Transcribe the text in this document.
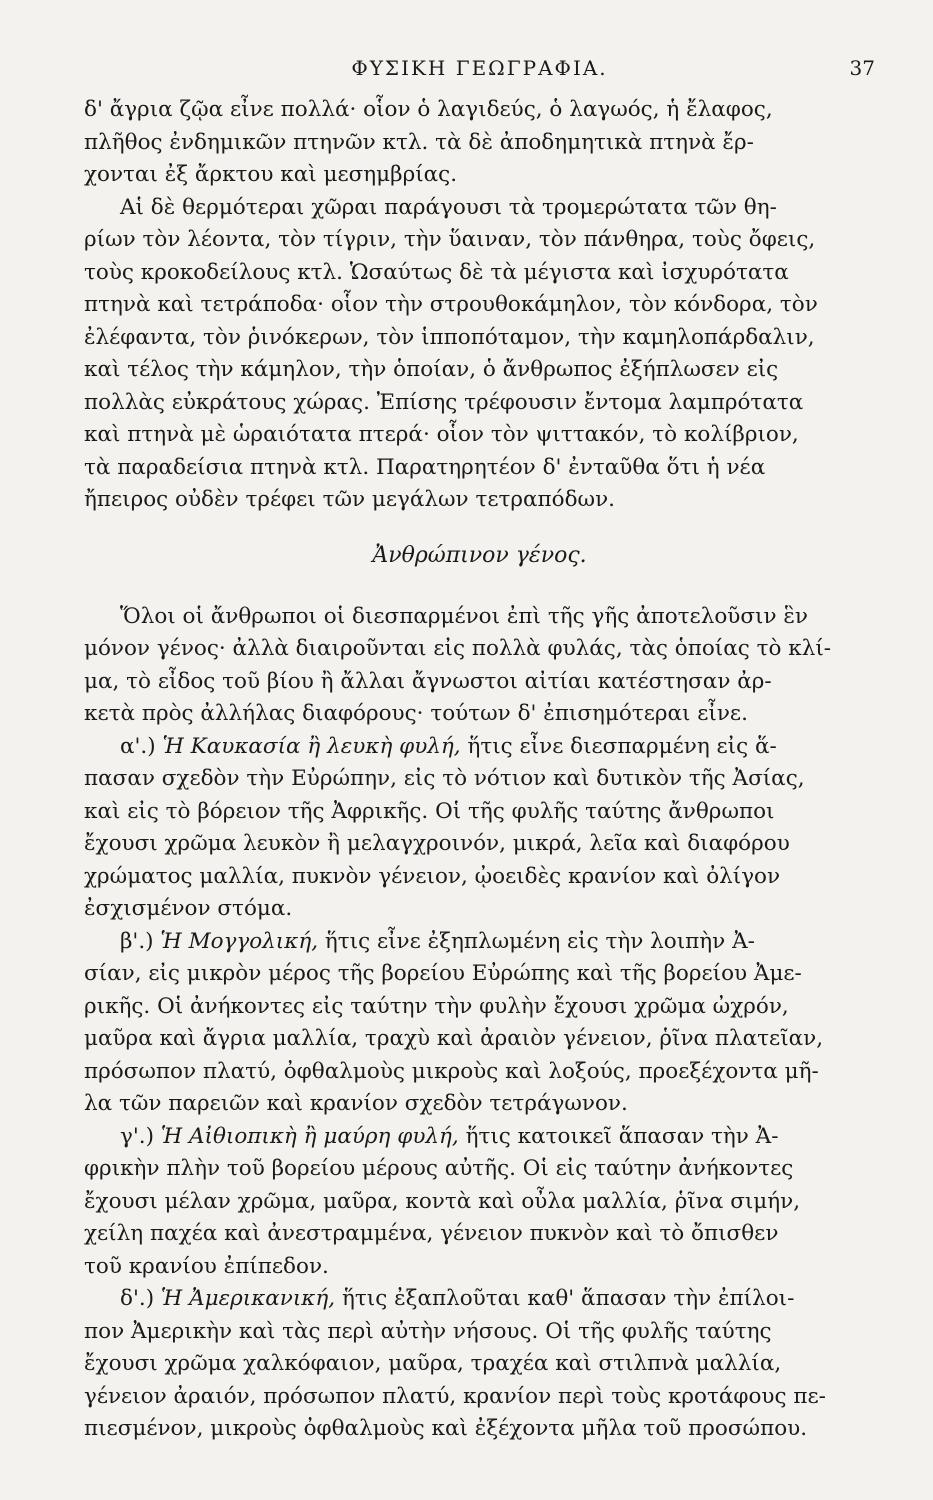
ΦΥΣΙΚΗ ΓΕΩΓΡΑΦΙΑ.	37
δ' ἄγρια ζῷα εἶνε πολλά· οἷον ὁ λαγιδεύς, ὁ λαγωός, ἡ ἔλαφος,
πλῆθος ἐνδημικῶν πτηνῶν κτλ. τὰ δὲ ἀποδημητικὰ πτηνὰ ἔρ-
χονται ἐξ ἄρκτου καὶ μεσημβρίας.
Αἱ δὲ θερμότεραι χῶραι παράγουσι τὰ τρομερώτατα τῶν θη-
ρίων τὸν λέοντα, τὸν τίγριν, τὴν ὕαιναν, τὸν πάνθηρα, τοὺς ὄφεις,
τοὺς κροκοδείλους κτλ. Ὡσαύτως δὲ τὰ μέγιστα καὶ ἰσχυρότατα
πτηνὰ καὶ τετράποδα· οἷον τὴν στρουθοκάμηλον, τὸν κόνδορα, τὸν
ἐλέφαντα, τὸν ῥινόκερων, τὸν ἱπποπόταμον, τὴν καμηλοπάρδαλιν,
καὶ τέλος τὴν κάμηλον, τὴν ὁποίαν, ὁ ἄνθρωπος ἐξήπλωσεν εἰς
πολλὰς εὐκράτους χώρας. Ἐπίσης τρέφουσιν ἔντομα λαμπρότατα
καὶ πτηνὰ μὲ ὡραιότατα πτερά· οἷον τὸν ψιττακόν, τὸ κολίβριον,
τὰ παραδείσια πτηνὰ κτλ. Παρατηρητέον δ' ἐνταῦθα ὅτι ἡ νέα
ἤπειρος οὐδὲν τρέφει τῶν μεγάλων τετραπόδων.
Ἀνθρώπινον γένος.
Ὅλοι οἱ ἄνθρωποι οἱ διεσπαρμένοι ἐπὶ τῆς γῆς ἀποτελοῦσιν ἓν
μόνον γένος· ἀλλὰ διαιροῦνται εἰς πολλὰ φυλάς, τὰς ὁποίας τὸ κλί-
μα, τὸ εἶδος τοῦ βίου ἢ ἄλλαι ἄγνωστοι αἰτίαι κατέστησαν ἀρ-
κετὰ πρὸς ἀλλήλας διαφόρους· τούτων δ' ἐπισημότεραι εἶνε.
α'.) Ἡ Καυκασία ἢ λευκὴ φυλή, ἥτις εἶνε διεσπαρμένη εἰς ἅ-
πασαν σχεδὸν τὴν Εὐρώπην, εἰς τὸ νότιον καὶ δυτικὸν τῆς Ἀσίας,
καὶ εἰς τὸ βόρειον τῆς Ἀφρικῆς. Οἱ τῆς φυλῆς ταύτης ἄνθρωποι
ἔχουσι χρῶμα λευκὸν ἢ μελαγχροινόν, μικρά, λεῖα καὶ διαφόρου
χρώματος μαλλία, πυκνὸν γένειον, ᾠοειδὲς κρανίον καὶ ὀλίγον
ἐσχισμένον στόμα.
β'.) Ἡ Μογγολική, ἥτις εἶνε ἐξηπλωμένη εἰς τὴν λοιπὴν Ἀ-
σίαν, εἰς μικρὸν μέρος τῆς βορείου Εὐρώπης καὶ τῆς βορείου Ἀμε-
ρικῆς. Οἱ ἀνήκοντες εἰς ταύτην τὴν φυλὴν ἔχουσι χρῶμα ὠχρόν,
μαῦρα καὶ ἄγρια μαλλία, τραχὺ καὶ ἀραιὸν γένειον, ῥῖνα πλατεῖαν,
πρόσωπον πλατύ, ὀφθαλμοὺς μικροὺς καὶ λοξούς, προεξέχοντα μῆ-
λα τῶν παρειῶν καὶ κρανίον σχεδὸν τετράγωνον.
γ'.) Ἡ Αἰθιοπικὴ ἢ μαύρη φυλή, ἥτις κατοικεῖ ἅπασαν τὴν Ἀ-
φρικὴν πλὴν τοῦ βορείου μέρους αὐτῆς. Οἱ εἰς ταύτην ἀνήκοντες
ἔχουσι μέλαν χρῶμα, μαῦρα, κοντὰ καὶ οὖλα μαλλία, ῥῖνα σιμήν,
χείλη παχέα καὶ ἀνεστραμμένα, γένειον πυκνὸν καὶ τὸ ὄπισθεν
τοῦ κρανίου ἐπίπεδον.
δ'.) Ἡ Ἀμερικανική, ἥτις ἐξαπλοῦται καθ' ἅπασαν τὴν ἐπίλοι-
πον Ἀμερικὴν καὶ τὰς περὶ αὐτὴν νήσους. Οἱ τῆς φυλῆς ταύτης
ἔχουσι χρῶμα χαλκόφαιον, μαῦρα, τραχέα καὶ στιλπνὰ μαλλία,
γένειον ἀραιόν, πρόσωπον πλατύ, κρανίον περὶ τοὺς κροτάφους πε-
πιεσμένον, μικροὺς ὀφθαλμοὺς καὶ ἐξέχοντα μῆλα τοῦ προσώπου.
